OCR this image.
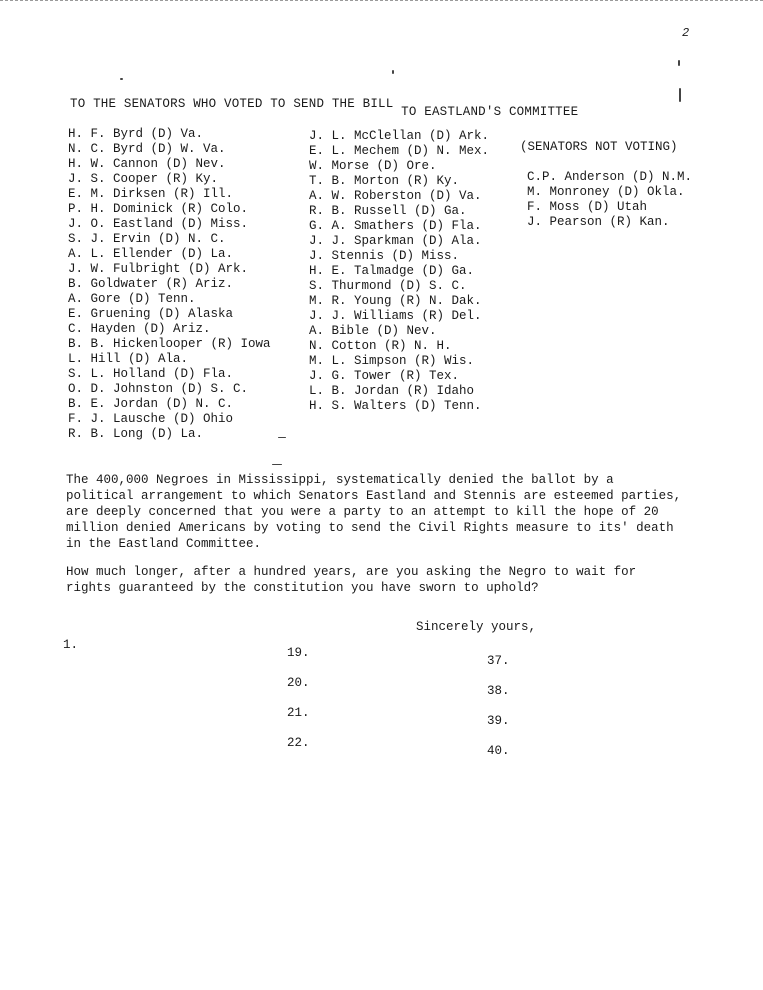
2
TO THE SENATORS WHO VOTED TO SEND THE BILL TO EASTLAND'S COMMITTEE
H. F. Byrd (D) Va.
N. C. Byrd (D) W. Va.
H. W. Cannon (D) Nev.
J. S. Cooper (R) Ky.
E. M. Dirksen (R) Ill.
P. H. Dominick (R) Colo.
J. O. Eastland (D) Miss.
S. J. Ervin (D) N. C.
A. L. Ellender (D) La.
J. W. Fulbright (D) Ark.
B. Goldwater (R) Ariz.
A. Gore (D) Tenn.
E. Gruening (D) Alaska
C. Hayden (D) Ariz.
B. B. Hickenlooper (R) Iowa
L. Hill (D) Ala.
S. L. Holland (D) Fla.
O. D. Johnston (D) S. C.
B. E. Jordan (D) N. C.
F. J. Lausche (D) Ohio
R. B. Long (D) La.
J. L. McClellan (D) Ark.
E. L. Mechem (D) N. Mex.
W. Morse (D) Ore.
T. B. Morton (R) Ky.
A. W. Roberston (D) Va.
R. B. Russell (D) Ga.
G. A. Smathers (D) Fla.
J. J. Sparkman (D) Ala.
J. Stennis (D) Miss.
H. E. Talmadge (D) Ga.
S. Thurmond (D) S. C.
M. R. Young (R) N. Dak.
J. J. Williams (R) Del.
A. Bible (D) Nev.
N. Cotton (R) N. H.
M. L. Simpson (R) Wis.
J. G. Tower (R) Tex.
L. B. Jordan (R) Idaho
H. S. Walters (D) Tenn.
(SENATORS NOT VOTING)
C.P. Anderson (D) N.M.
M. Monroney (D) Okla.
F. Moss (D) Utah
J. Pearson (R) Kan.
The 400,000 Negroes in Mississippi, systematically denied the ballot by a
political arrangement to which Senators Eastland and Stennis are esteemed parties,
are deeply concerned that you were a party to an attempt to kill the hope of 20
million denied Americans by voting to send the Civil Rights measure to its' death
in the Eastland Committee.
How much longer, after a hundred years, are you asking the Negro to wait for
rights guaranteed by the constitution you have sworn to uphold?
Sincerely yours,
1.
19.
20.
21.
22.
37.
38.
39.
40.
